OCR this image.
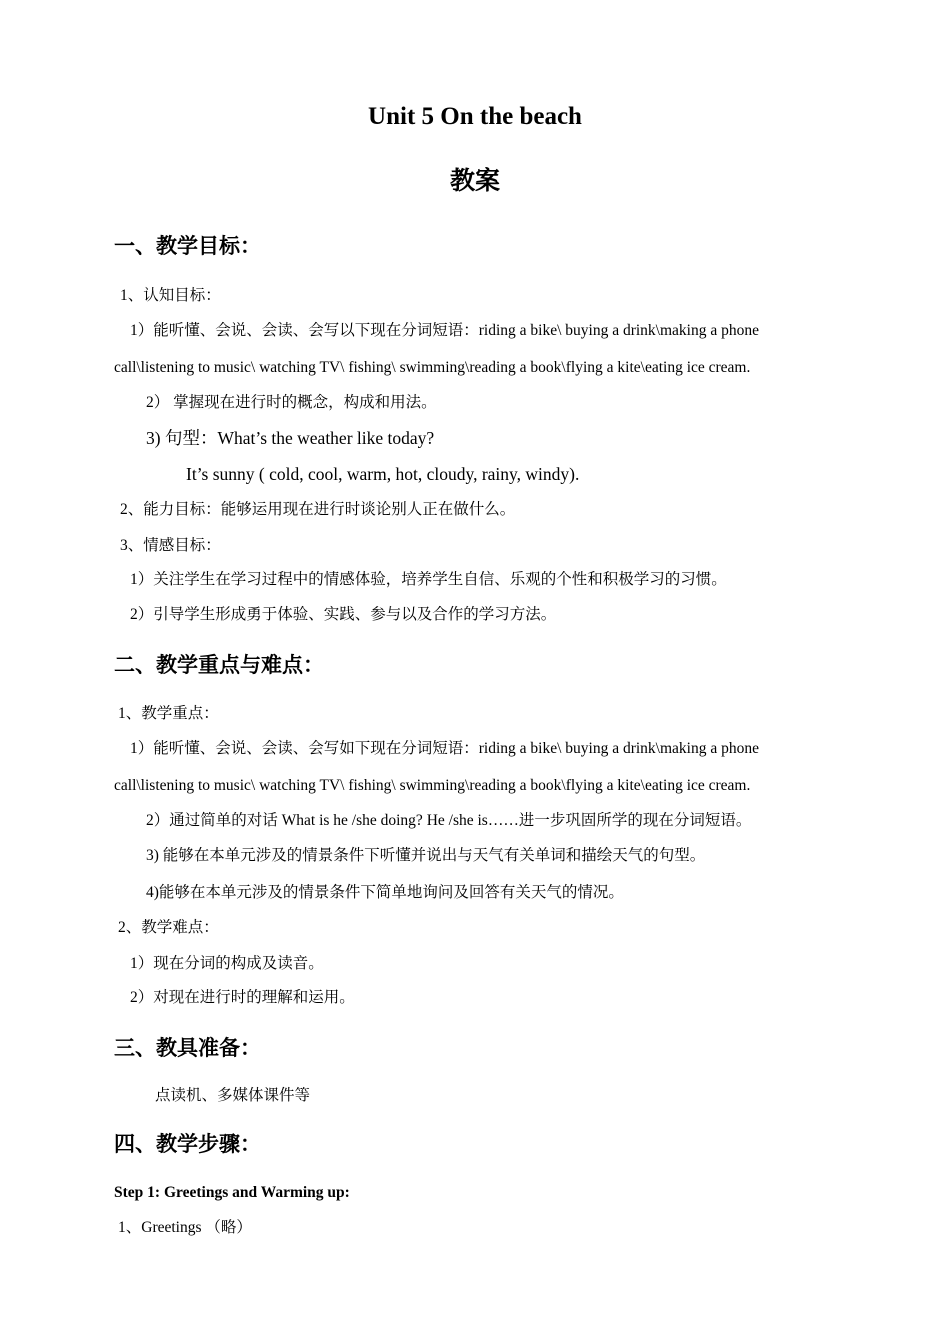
Unit 5 On the beach
教案
一、教学目标：
1、认知目标：
1）能听懂、会说、会读、会写以下现在分词短语：riding a bike\ buying a drink\making a phone
call\listening to music\ watching TV\ fishing\ swimming\reading a book\flying a kite\eating ice cream.
2） 掌握现在进行时的概念，构成和用法。
3) 句型：What’s the weather like today?
It’s sunny ( cold, cool, warm, hot, cloudy, rainy, windy).
2、能力目标：能够运用现在进行时谈论别人正在做什么。
3、情感目标：
1）关注学生在学习过程中的情感体验，培养学生自信、乐观的个性和积极学习的习惯。
2）引导学生形成勇于体验、实践、参与以及合作的学习方法。
二、教学重点与难点：
1、教学重点：
1）能听懂、会说、会读、会写如下现在分词短语：riding a bike\ buying a drink\making a phone
call\listening to music\ watching TV\ fishing\ swimming\reading a book\flying a kite\eating ice cream.
2）通过简单的对话 What is he /she doing? He /she is……进一步巩固所学的现在分词短语。
3) 能够在本单元涉及的情景条件下听懂并说出与天气有关单词和描绘天气的句型。
4)能够在本单元涉及的情景条件下简单地询问及回答有关天气的情况。
2、教学难点：
1）现在分词的构成及读音。
2）对现在进行时的理解和运用。
三、教具准备：
点读机、多媒体课件等
四、教学步骤：
Step 1: Greetings and Warming up:
1、Greetings （略）
